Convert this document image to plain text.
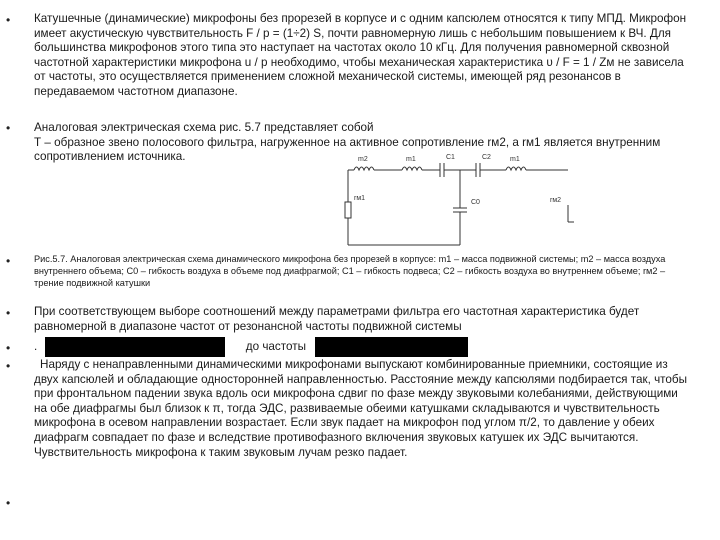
• Катушечные (динамические) микрофоны без прорезей в корпусе и с одним капсюлем относятся к типу МПД. Микрофон имеет акустическую чувствительность F / p = (1÷2) S, почти равномерную лишь с небольшим повышением к ВЧ. Для большинства микрофонов этого типа это наступает на частотах около 10 кГц. Для получения равномерной сквозной частотной характеристики микрофона u / p необходимо, чтобы механическая характеристика υ / F = 1 / Zм не зависела от частоты, это осуществляется применением сложной механической системы, имеющей ряд резонансов в передаваемом частотном диапазоне.

• Аналоговая электрическая схема рис. 5.7 представляет собой
Т – образное звено полосового фильтра, нагруженное на активное сопротивление rм2, а rм1 является внутренним сопротивлением источника.
rм1
m2	m1	C1	C2	m1
C0	rм2
•	Рис.5.7. Аналоговая электрическая схема динамического микрофона без прорезей в корпусе: m1 – масса подвижной системы; m2 – масса воздуха внутреннего объема; C0 – гибкость воздуха в объеме под диафрагмой; C1 – гибкость подвеса; C2 – гибкость воздуха во внутреннем объеме; rм2 – трение подвижной катушки

• При соответствующем выборе соотношений между параметрами фильтра его частотная характеристика будет равномерной в диапазоне частот от резонансной частоты подвижной системы

• .	до частоты
•	Наряду с ненаправленными динамическими микрофонами выпускают комбинированные приемники, состоящие из двух капсюлей и обладающие односторонней направленностью. Расстояние между капсюлями подбирается так, чтобы при фронтальном падении звука вдоль оси микрофона сдвиг по фазе между звуковыми колебаниями, действующими на обе диафрагмы был близок к π, тогда ЭДС, развиваемые обеими катушками складываются и чувствительность микрофона в осевом направлении возрастает. Если звук падает на микрофон под углом π/2, то давление у обеих диафрагм совпадает по фазе и вследствие противофазного включения звуковых катушек их ЭДС вычитаются. Чувствительность микрофона к таким звуковым лучам резко падает.

•
